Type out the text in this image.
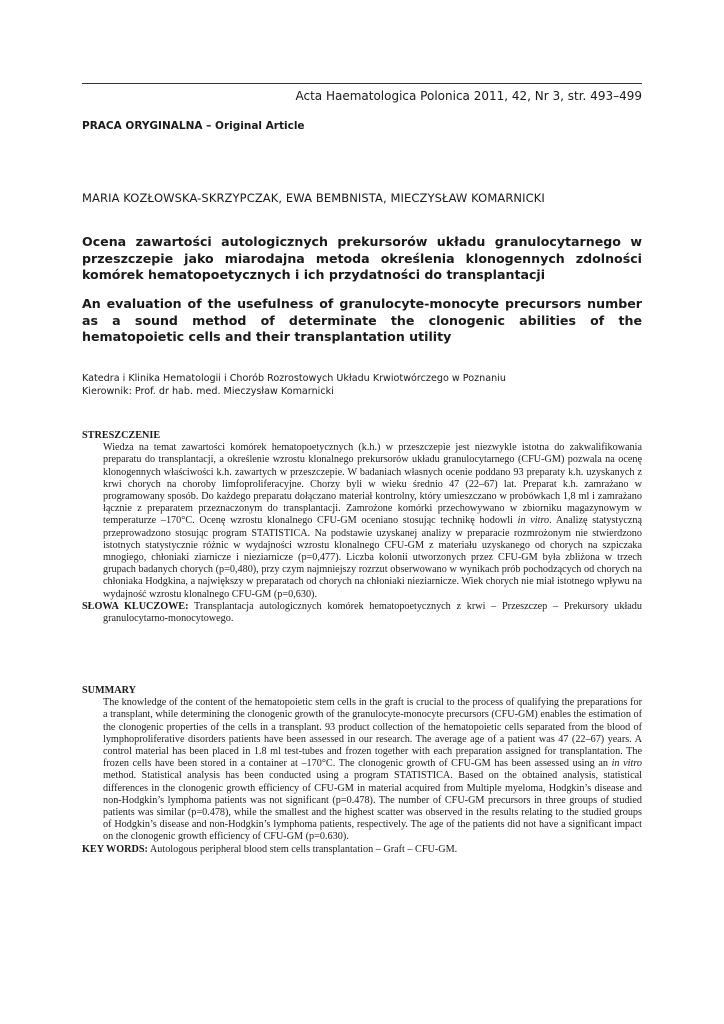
Acta Haematologica Polonica 2011, 42, Nr 3, str. 493–499
PRACA ORYGINALNA – Original Article
MARIA KOZŁOWSKA-SKRZYPCZAK, EWA BEMBNISTA, MIECZYSŁAW KOMARNICKI
Ocena zawartości autologicznych prekursorów układu granulocytarnego w przeszczepie jako miarodajna metoda określenia klonogennych zdolności komórek hematopoetycznych i ich przydatności do transplantacji
An evaluation of the usefulness of granulocyte-monocyte precursors number as a sound method of determinate the clonogenic abilities of the hematopoietic cells and their transplantation utility
Katedra i Klinika Hematologii i Chorób Rozrostowych Układu Krwiotwórczego w Poznaniu
Kierownik: Prof. dr hab. med. Mieczysław Komarnicki
STRESZCZENIE

Wiedza na temat zawartości komórek hematopoetycznych (k.h.) w przeszczepie jest niezwykle istotna do zakwalifikowania preparatu do transplantacji, a określenie wzrostu klonalnego prekursorów układu granulocytarnego (CFU-GM) pozwala na ocenę klonogennych właściwości k.h. zawartych w przeszczepie. W badaniach własnych ocenie poddano 93 preparaty k.h. uzyskanych z krwi chorych na choroby limfoproliferacyjne. Chorzy byli w wieku średnio 47 (22–67) lat. Preparat k.h. zamrażano w programowany sposób. Do każdego preparatu dołączano materiał kontrolny, który umieszczano w probówkach 1,8 ml i zamrażano łącznie z preparatem przeznaczonym do transplantacji. Zamrożone komórki przechowywano w zbiorniku magazynowym w temperaturze –170°C. Ocenę wzrostu klonalnego CFU-GM oceniano stosując technikę hodowli in vitro. Analizę statystyczną przeprowadzono stosując program STATISTICA. Na podstawie uzyskanej analizy w preparacie rozmrożonym nie stwierdzono istotnych statystycznie różnic w wydajności wzrostu klonalnego CFU-GM z materiału uzyskanego od chorych na szpiczaka mnogiego, chłoniaki ziarnicze i nieziarnicze (p=0,477). Liczba kolonii utworzonych przez CFU-GM była zbliżona w trzech grupach badanych chorych (p=0,480), przy czym najmniejszy rozrzut obserwowano w wynikach prób pochodzących od chorych na chłoniaka Hodgkina, a największy w preparatach od chorych na chłoniaki nieziarnicze. Wiek chorych nie miał istotnego wpływu na wydajność wzrostu klonalnego CFU-GM (p=0,630).

SŁOWA KLUCZOWE: Transplantacja autologicznych komórek hematopoetycznych z krwi – Przeszczep – Prekursory układu granulocytarno-monocytowego.
SUMMARY

The knowledge of the content of the hematopoietic stem cells in the graft is crucial to the process of qualifying the preparations for a transplant, while determining the clonogenic growth of the granulocyte-monocyte precursors (CFU-GM) enables the estimation of the clonogenic properties of the cells in a transplant. 93 product collection of the hematopoietic cells separated from the blood of lymphoproliferative disorders patients have been assessed in our research. The average age of a patient was 47 (22–67) years. A control material has been placed in 1.8 ml test-tubes and frozen together with each preparation assigned for transplantation. The frozen cells have been stored in a container at –170°C. The clonogenic growth of CFU-GM has been assessed using an in vitro method. Statistical analysis has been conducted using a program STATISTICA. Based on the obtained analysis, statistical differences in the clonogenic growth efficiency of CFU-GM in material acquired from Multiple myeloma, Hodgkin’s disease and non-Hodgkin’s lymphoma patients was not significant (p=0.478). The number of CFU-GM precursors in three groups of studied patients was similar (p=0.478), while the smallest and the highest scatter was observed in the results relating to the studied groups of Hodgkin’s disease and non-Hodgkin’s lymphoma patients, respectively. The age of the patients did not have a significant impact on the clonogenic growth efficiency of CFU-GM (p=0.630).

KEY WORDS: Autologous peripheral blood stem cells transplantation – Graft – CFU-GM.
